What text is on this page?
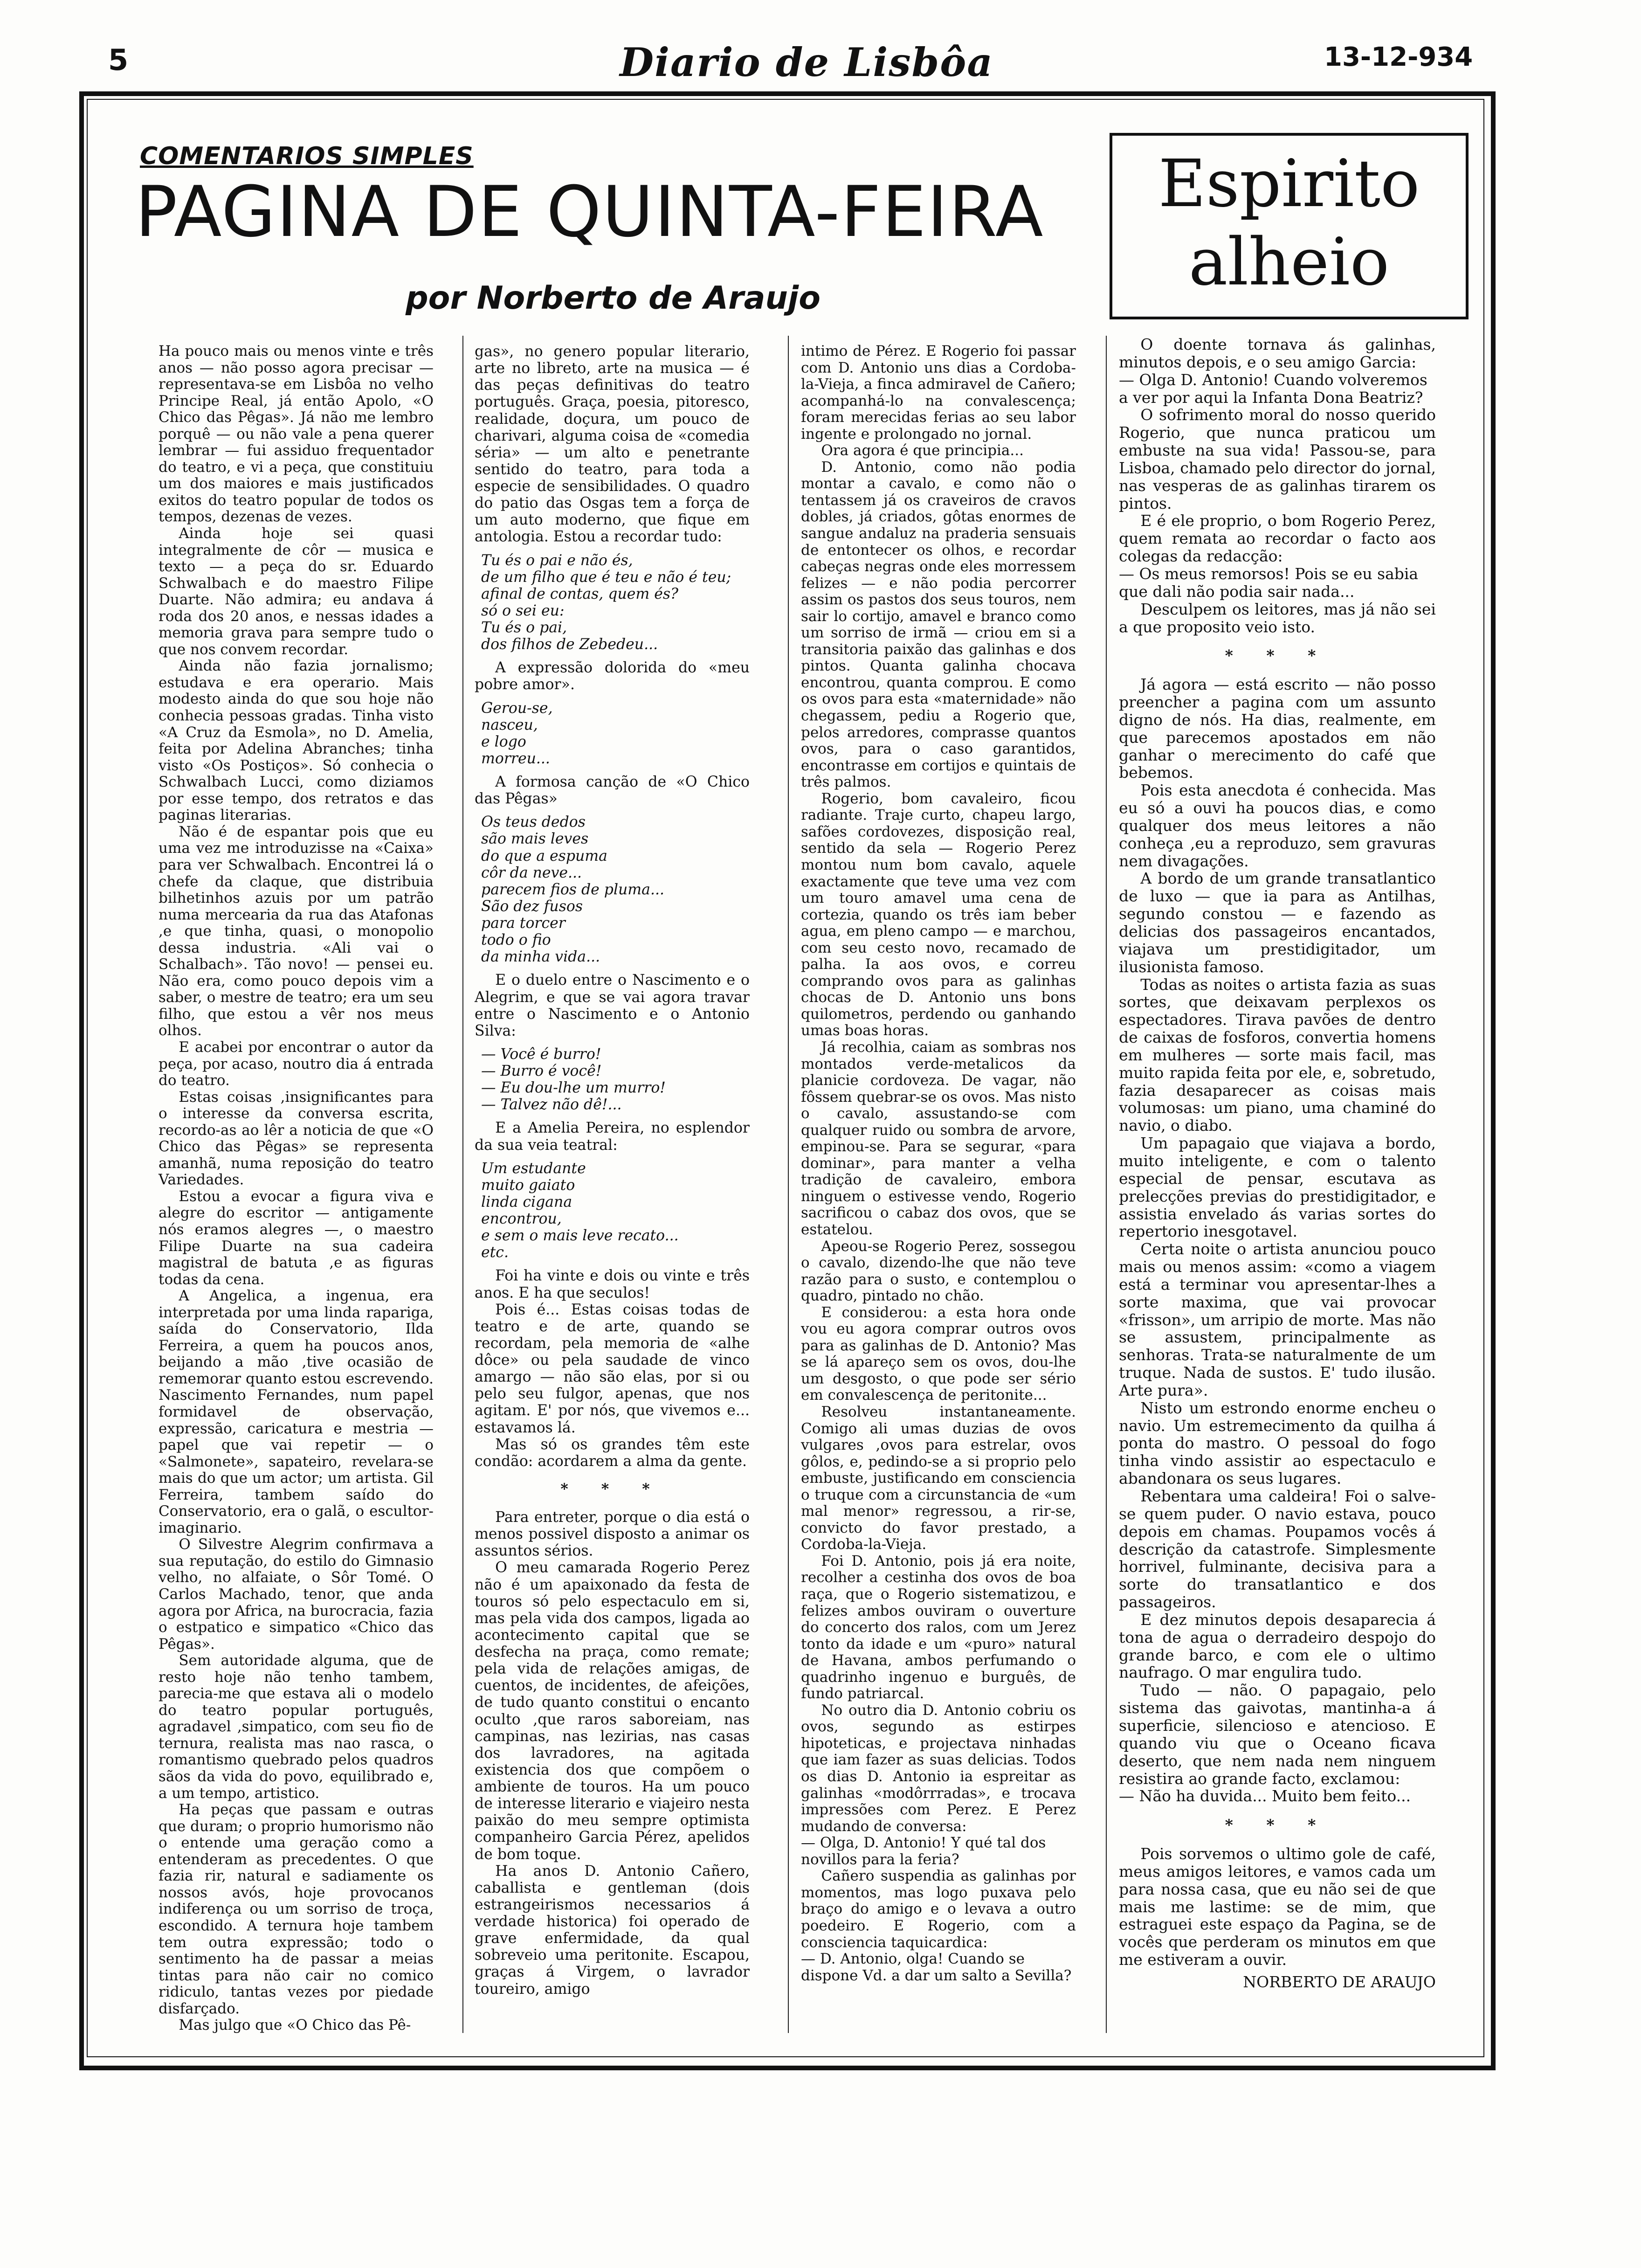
5	Diario de Lisbôa	13-12-934
COMENTARIOS SIMPLES
PAGINA DE QUINTA-FEIRA
por Norberto de Araujo
Espirito
alheio

Ha pouco mais ou menos vinte e três anos — não posso agora precisar — representava-se em Lisbôa no velho Principe Real, já então Apolo, «O Chico das Pêgas». Já não me lembro porquê — ou não vale a pena querer lembrar — fui assiduo frequentador do teatro, e vi a peça, que constituiu um dos maiores e mais justificados exitos do teatro popular de todos os tempos, dezenas de vezes.

Ainda hoje sei quasi integralmente de côr — musica e texto — a peça do sr. Eduardo Schwalbach e do maestro Filipe Duarte. Não admira; eu andava á roda dos 20 anos, e nessas idades a memoria grava para sempre tudo o que nos convem recordar.

Ainda não fazia jornalismo; estudava e era operario. Mais modesto ainda do que sou hoje não conhecia pessoas gradas. Tinha visto «A Cruz da Esmola», no D. Amelia, feita por Adelina Abranches; tinha visto «Os Postiços». Só conhecia o Schwalbach Lucci, como diziamos por esse tempo, dos retratos e das paginas literarias.

Não é de espantar pois que eu uma vez me introduzisse na «Caixa» para ver Schwalbach. Encontrei lá o chefe da claque, que distribuia bilhetinhos azuis por um patrão numa mercearia da rua das Atafonas ,e que tinha, quasi, o monopolio dessa industria. «Ali vai o Schalbach». Tão novo! — pensei eu. Não era, como pouco depois vim a saber, o mestre de teatro; era um seu filho, que estou a vêr nos meus olhos.

E acabei por encontrar o autor da peça, por acaso, noutro dia á entrada do teatro.

Estas coisas ,insignificantes para o interesse da conversa escrita, recordo-as ao lêr a noticia de que «O Chico das Pêgas» se representa amanhã, numa reposição do teatro Variedades.

Estou a evocar a figura viva e alegre do escritor — antigamente nós eramos alegres —, o maestro Filipe Duarte na sua cadeira magistral de batuta ,e as figuras todas da cena.

A Angelica, a ingenua, era interpretada por uma linda rapariga, saída do Conservatorio, Ilda Ferreira, a quem ha poucos anos, beijando a mão ,tive ocasião de rememorar quanto estou escrevendo. Nascimento Fernandes, num papel formidavel de observação, expressão, caricatura e mestria — papel que vai repetir — o «Salmonete», sapateiro, revelara-se mais do que um actor; um artista. Gil Ferreira, tambem saído do Conservatorio, era o galã, o escultor-imaginario.

O Silvestre Alegrim confirmava a sua reputação, do estilo do Gimnasio velho, no alfaiate, o Sôr Tomé. O Carlos Machado, tenor, que anda agora por Africa, na burocracia, fazia o estpatico e simpatico «Chico das Pêgas».

Sem autoridade alguma, que de resto hoje não tenho tambem, parecia-me que estava ali o modelo do teatro popular português, agradavel ,simpatico, com seu fio de ternura, realista mas nao rasca, o romantismo quebrado pelos quadros sãos da vida do povo, equilibrado e, a um tempo, artistico.

Ha peças que passam e outras que duram; o proprio humorismo não o entende uma geração como a entenderam as precedentes. O que fazia rir, natural e sadiamente os nossos avós, hoje provocanos indiferença ou um sorriso de troça, escondido. A ternura hoje tambem tem outra expressão; todo o sentimento ha de passar a meias tintas para não cair no comico ridiculo, tantas vezes por piedade disfarçado.

Mas julgo que «O Chico das Pê-

gas», no genero popular literario, arte no libreto, arte na musica — é das peças definitivas do teatro português. Graça, poesia, pitoresco, realidade, doçura, um pouco de charivari, alguma coisa de «comedia séria» — um alto e penetrante sentido do teatro, para toda a especie de sensibilidades. O quadro do patio das Osgas tem a força de um auto moderno, que fique em antologia. Estou a recordar tudo:

Tu és o pai e não és,
de um filho que é teu e não é teu;
afinal de contas, quem és?
só o sei eu:
Tu és o pai,
dos filhos de Zebedeu...

A expressão dolorida do «meu pobre amor».

Gerou-se,
nasceu,
e logo
morreu...

A formosa canção de «O Chico das Pêgas»

Os teus dedos
são mais leves
do que a espuma
côr da neve...
parecem fios de pluma...
São dez fusos
para torcer
todo o fio
da minha vida...

E o duelo entre o Nascimento e o Alegrim, e que se vai agora travar entre o Nascimento e o Antonio Silva:

— Você é burro!
— Burro é você!
— Eu dou-lhe um murro!
— Talvez não dê!...

E a Amelia Pereira, no esplendor da sua veia teatral:

Um estudante
muito gaiato
linda cigana
encontrou,
e sem o mais leve recato...
etc.

Foi ha vinte e dois ou vinte e três anos. E ha que seculos!

Pois é... Estas coisas todas de teatro e de arte, quando se recordam, pela memoria de «alhe dôce» ou pela saudade de vinco amargo — não são elas, por si ou pelo seu fulgor, apenas, que nos agitam. E' por nós, que vivemos e... estavamos lá.

Mas só os grandes têm este condão: acordarem a alma da gente.

* * *

Para entreter, porque o dia está o menos possivel disposto a animar os assuntos sérios.

O meu camarada Rogerio Perez não é um apaixonado da festa de touros só pelo espectaculo em si, mas pela vida dos campos, ligada ao acontecimento capital que se desfecha na praça, como remate; pela vida de relações amigas, de cuentos, de incidentes, de afeições, de tudo quanto constitui o encanto oculto ,que raros saboreiam, nas campinas, nas lezirias, nas casas dos lavradores, na agitada existencia dos que compõem o ambiente de touros. Ha um pouco de interesse literario e viajeiro nesta paixão do meu sempre optimista companheiro Garcia Pérez, apelidos de bom toque.

Ha anos D. Antonio Cañero, caballista e gentleman (dois estrangeirismos necessarios á verdade historica) foi operado de grave enfermidade, da qual sobreveio uma peritonite. Escapou, graças á Virgem, o lavrador toureiro, amigo

intimo de Pérez. E Rogerio foi passar com D. Antonio uns dias a Cordoba-la-Vieja, a finca admiravel de Cañero; acompanhá-lo na convalescença; foram merecidas ferias ao seu labor ingente e prolongado no jornal.

Ora agora é que principia...

D. Antonio, como não podia montar a cavalo, e como não o tentassem já os craveiros de cravos dobles, já criados, gôtas enormes de sangue andaluz na praderia sensuais de entontecer os olhos, e recordar cabeças negras onde eles morressem felizes — e não podia percorrer assim os pastos dos seus touros, nem sair lo cortijo, amavel e branco como um sorriso de irmã — criou em si a transitoria paixão das galinhas e dos pintos. Quanta galinha chocava encontrou, quanta comprou. E como os ovos para esta «maternidade» não chegassem, pediu a Rogerio que, pelos arredores, comprasse quantos ovos, para o caso garantidos, encontrasse em cortijos e quintais de três palmos.

Rogerio, bom cavaleiro, ficou radiante. Traje curto, chapeu largo, safões cordovezes, disposição real, sentido da sela — Rogerio Perez montou num bom cavalo, aquele exactamente que teve uma vez com um touro amavel uma cena de cortezia, quando os três iam beber agua, em pleno campo — e marchou, com seu cesto novo, recamado de palha. Ia aos ovos, e correu comprando ovos para as galinhas chocas de D. Antonio uns bons quilometros, perdendo ou ganhando umas boas horas.

Já recolhia, caiam as sombras nos montados verde-metalicos da planicie cordoveza. De vagar, não fôssem quebrar-se os ovos. Mas nisto o cavalo, assustando-se com qualquer ruido ou sombra de arvore, empinou-se. Para se segurar, «para dominar», para manter a velha tradição de cavaleiro, embora ninguem o estivesse vendo, Rogerio sacrificou o cabaz dos ovos, que se estatelou.

Apeou-se Rogerio Perez, sossegou o cavalo, dizendo-lhe que não teve razão para o susto, e contemplou o quadro, pintado no chão.

E considerou: a esta hora onde vou eu agora comprar outros ovos para as galinhas de D. Antonio? Mas se lá apareço sem os ovos, dou-lhe um desgosto, o que pode ser sério em convalescença de peritonite...

Resolveu instantaneamente. Comigo ali umas duzias de ovos vulgares ,ovos para estrelar, ovos gôlos, e, pedindo-se a si proprio pelo embuste, justificando em consciencia o truque com a circunstancia de «um mal menor» regressou, a rir-se, convicto do favor prestado, a Cordoba-la-Vieja.

Foi D. Antonio, pois já era noite, recolher a cestinha dos ovos de boa raça, que o Rogerio sistematizou, e felizes ambos ouviram o ouverture do concerto dos ralos, com um Jerez tonto da idade e um «puro» natural de Havana, ambos perfumando o quadrinho ingenuo e burguês, de fundo patriarcal.

No outro dia D. Antonio cobriu os ovos, segundo as estirpes hipoteticas, e projectava ninhadas que iam fazer as suas delicias. Todos os dias D. Antonio ia espreitar as galinhas «modôrrradas», e trocava impressões com Perez. E Perez mudando de conversa:

— Olga, D. Antonio! Y qué tal dos novillos para la feria?

Cañero suspendia as galinhas por momentos, mas logo puxava pelo braço do amigo e o levava a outro poedeiro. E Rogerio, com a consciencia taquicardica:

— D. Antonio, olga! Cuando se dispone Vd. a dar um salto a Sevilla?

O doente tornava ás galinhas, minutos depois, e o seu amigo Garcia:

— Olga D. Antonio! Cuando volveremos a ver por aqui la Infanta Dona Beatriz?

O sofrimento moral do nosso querido Rogerio, que nunca praticou um embuste na sua vida! Passou-se, para Lisboa, chamado pelo director do jornal, nas vesperas de as galinhas tirarem os pintos.

E é ele proprio, o bom Rogerio Perez, quem remata ao recordar o facto aos colegas da redacção:

— Os meus remorsos! Pois se eu sabia que dali não podia sair nada...

Desculpem os leitores, mas já não sei a que proposito veio isto.

* * *

Já agora — está escrito — não posso preencher a pagina com um assunto digno de nós. Ha dias, realmente, em que parecemos apostados em não ganhar o merecimento do café que bebemos.

Pois esta anecdota é conhecida. Mas eu só a ouvi ha poucos dias, e como qualquer dos meus leitores a não conheça ,eu a reproduzo, sem gravuras nem divagações.

A bordo de um grande transatlantico de luxo — que ia para as Antilhas, segundo constou — e fazendo as delicias dos passageiros encantados, viajava um prestidigitador, um ilusionista famoso.

Todas as noites o artista fazia as suas sortes, que deixavam perplexos os espectadores. Tirava pavões de dentro de caixas de fosforos, convertia homens em mulheres — sorte mais facil, mas muito rapida feita por ele, e, sobretudo, fazia desaparecer as coisas mais volumosas: um piano, uma chaminé do navio, o diabo.

Um papagaio que viajava a bordo, muito inteligente, e com o talento especial de pensar, escutava as prelecções previas do prestidigitador, e assistia envelado ás varias sortes do repertorio inesgotavel.

Certa noite o artista anunciou pouco mais ou menos assim: «como a viagem está a terminar vou apresentar-lhes a sorte maxima, que vai provocar «frisson», um arripio de morte. Mas não se assustem, principalmente as senhoras. Trata-se naturalmente de um truque. Nada de sustos. E' tudo ilusão. Arte pura».

Nisto um estrondo enorme encheu o navio. Um estremecimento da quilha á ponta do mastro. O pessoal do fogo tinha vindo assistir ao espectaculo e abandonara os seus lugares.

Rebentara uma caldeira! Foi o salve-se quem puder. O navio estava, pouco depois em chamas. Poupamos vocês á descrição da catastrofe. Simplesmente horrivel, fulminante, decisiva para a sorte do transatlantico e dos passageiros.

E dez minutos depois desaparecia á tona de agua o derradeiro despojo do grande barco, e com ele o ultimo naufrago. O mar engulira tudo.

Tudo — não. O papagaio, pelo sistema das gaivotas, mantinha-a á superficie, silencioso e atencioso. E quando viu que o Oceano ficava deserto, que nem nada nem ninguem resistira ao grande facto, exclamou:

— Não ha duvida... Muito bem feito...

* * *

Pois sorvemos o ultimo gole de café, meus amigos leitores, e vamos cada um para nossa casa, que eu não sei de que mais me lastime: se de mim, que estraguei este espaço da Pagina, se de vocês que perderam os minutos em que me estiveram a ouvir.

NORBERTO DE ARAUJO
